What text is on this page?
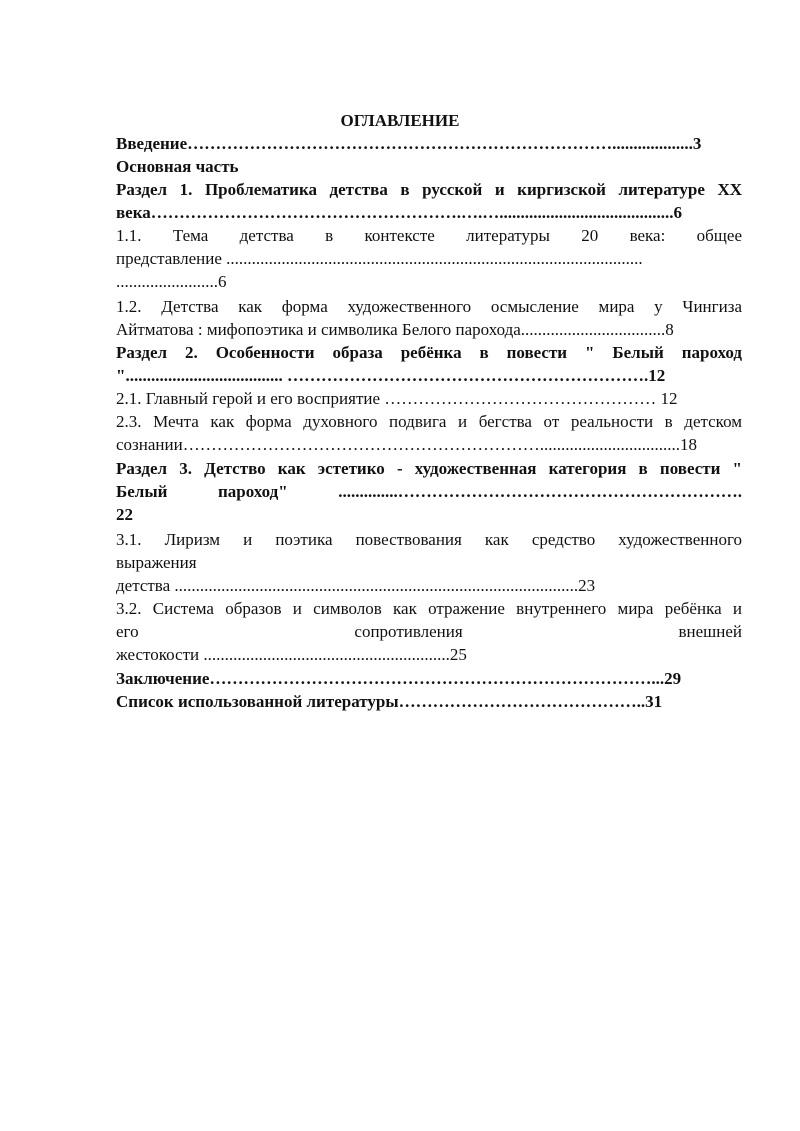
ОГЛАВЛЕНИЕ
Введение…………………………………………………………………...................3
Основная часть
Раздел 1. Проблематика детства в русской и киргизской литературе XX
века……………………………………………….….….........................................6
1.1. Тема детства в контексте литературы 20 века: общее
представление ..................................................................................................
........................6
1.2. Детства как форма художественного осмысление мира у Чингиза
Айтматова : мифопоэтика и символика Белого парохода..................................8
Раздел 2. Особенности образа ребёнка в повести " Белый пароход
"..................................... ……………………………………………………….12
2.1. Главный герой и его восприятие ………………………………………… 12
2.3. Мечта как форма духовного подвига и бегства от реальности в детском
сознании……………………………………………………….................................18
Раздел 3. Детство как эстетико - художественная категория в повести "
Белый пароход" ..............…………………………………………………….
22
3.1. Лиризм и поэтика повествования как средство художественного
выражения
детства ...............................................................................................23
3.2. Система образов и символов как отражение внутреннего мира ребёнка и
его сопротивления внешней
жестокости ..........................................................25
Заключение……………………………………………………………………...29
Список использованной литературы……………………………………..31
